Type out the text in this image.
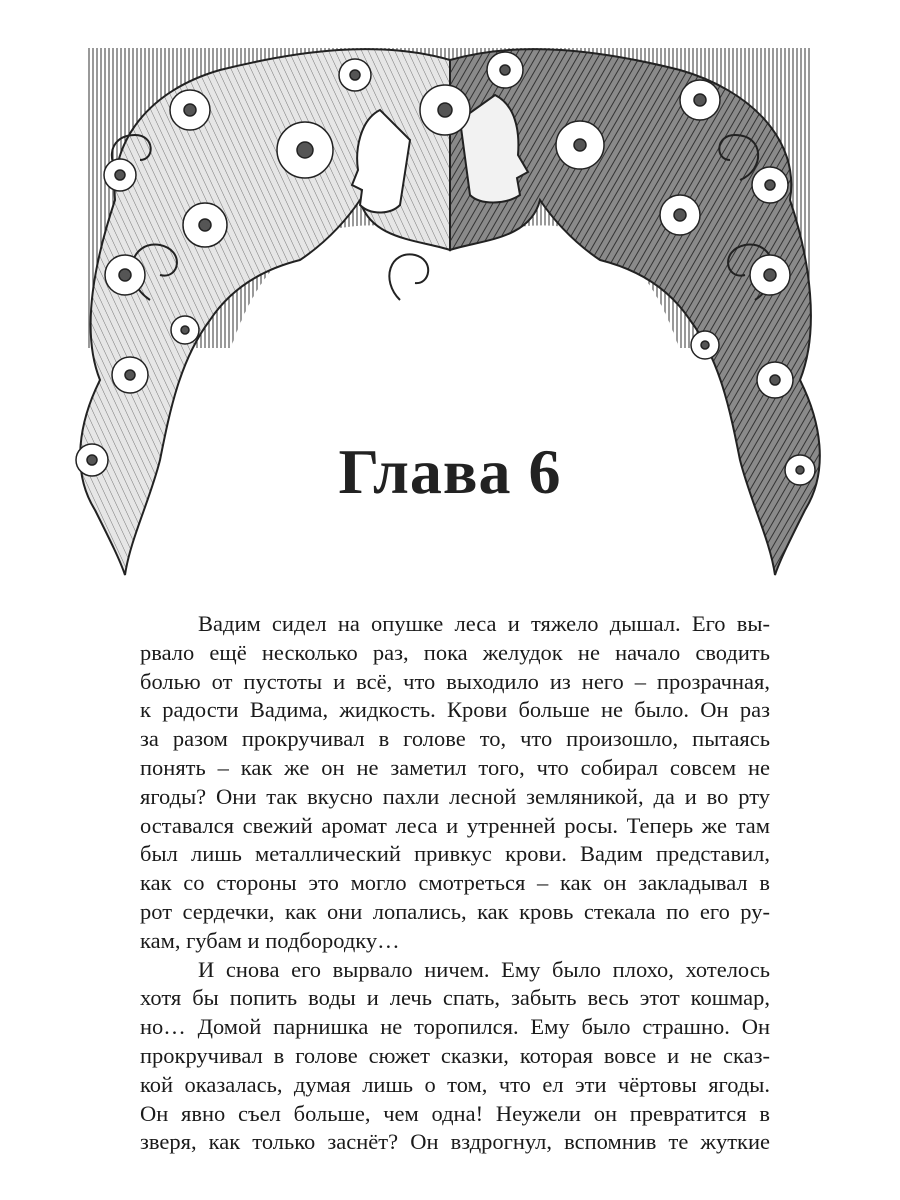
Глава 6
Вадим сидел на опушке леса и тяжело дышал. Его вы-
рвало ещё несколько раз, пока желудок не начало сводить
болью от пустоты и всё, что выходило из него – прозрачная,
к радости Вадима, жидкость. Крови больше не было. Он раз
за разом прокручивал в голове то, что произошло, пытаясь
понять – как же он не заметил того, что собирал совсем не
ягоды? Они так вкусно пахли лесной земляникой, да и во рту
оставался свежий аромат леса и утренней росы. Теперь же там
был лишь металлический привкус крови. Вадим представил,
как со стороны это могло смотреться – как он закладывал в
рот сердечки, как они лопались, как кровь стекала по его ру-
кам, губам и подбородку…
И снова его вырвало ничем. Ему было плохо, хотелось
хотя бы попить воды и лечь спать, забыть весь этот кошмар,
но… Домой парнишка не торопился. Ему было страшно. Он
прокручивал в голове сюжет сказки, которая вовсе и не сказ-
кой оказалась, думая лишь о том, что ел эти чёртовы ягоды.
Он явно съел больше, чем одна! Неужели он превратится в
зверя, как только заснёт? Он вздрогнул, вспомнив те жуткие
